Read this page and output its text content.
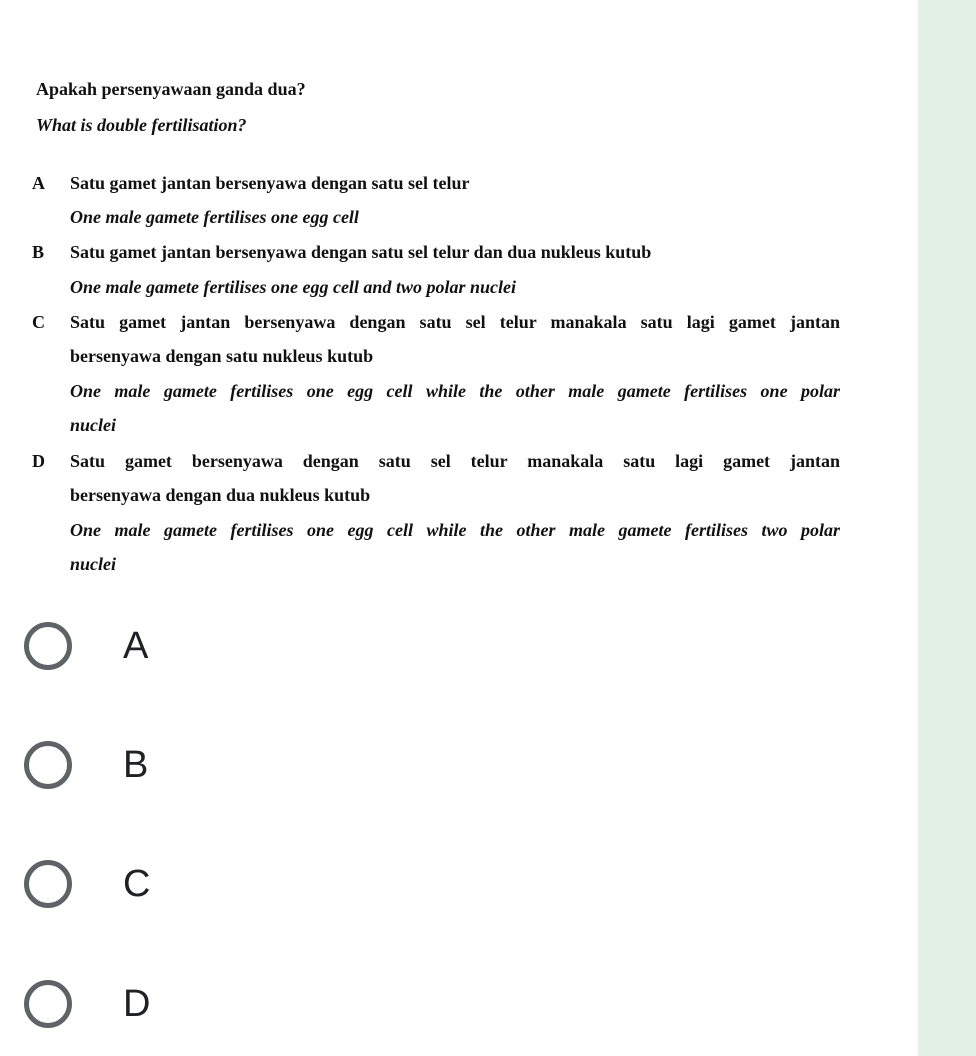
Apakah persenyawaan ganda dua?
What is double fertilisation?
A Satu gamet jantan bersenyawa dengan satu sel telur
One male gamete fertilises one egg cell
B Satu gamet jantan bersenyawa dengan satu sel telur dan dua nukleus kutub
One male gamete fertilises one egg cell and two polar nuclei
C Satu gamet jantan bersenyawa dengan satu sel telur manakala satu lagi gamet jantan
bersenyawa dengan satu nukleus kutub
One male gamete fertilises one egg cell while the other male gamete fertilises one polar
nuclei
D Satu gamet bersenyawa dengan satu sel telur manakala satu lagi gamet jantan
bersenyawa dengan dua nukleus kutub
One male gamete fertilises one egg cell while the other male gamete fertilises two polar
nuclei
A
B
C
D
